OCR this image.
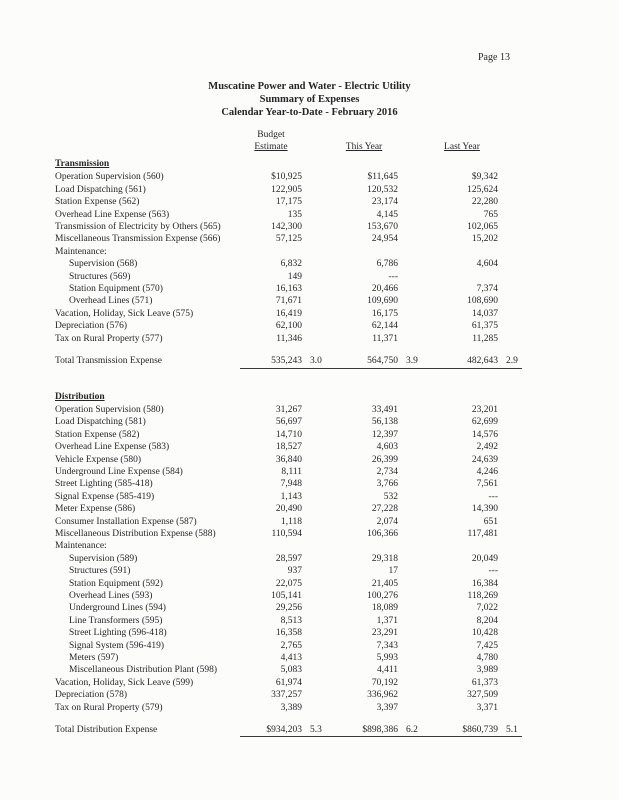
Page 13
Muscatine Power and Water - Electric Utility
Summary of Expenses
Calendar Year-to-Date - February 2016
Budget
Estimate	This Year	Last Year
Transmission
Operation Supervision (560)	$10,925	$11,645	$9,342
Load Dispatching (561)	122,905	120,532	125,624
Station Expense (562)	17,175	23,174	22,280
Overhead Line Expense (563)	135	4,145	765
Transmission of Electricity by Others (565)	142,300	153,670	102,065
Miscellaneous Transmission Expense (566)	57,125	24,954	15,202
Maintenance:
Supervision (568)	6,832	6,786	4,604
Structures (569)	149	---
Station Equipment (570)	16,163	20,466	7,374
Overhead Lines (571)	71,671	109,690	108,690
Vacation, Holiday, Sick Leave (575)	16,419	16,175	14,037
Depreciation (576)	62,100	62,144	61,375
Tax on Rural Property (577)	11,346	11,371	11,285
Total Transmission Expense	535,243 3.0	564,750 3.9	482,643 2.9
Distribution
Operation Supervision (580)	31,267	33,491	23,201
Load Dispatching (581)	56,697	56,138	62,699
Station Expense (582)	14,710	12,397	14,576
Overhead Line Expense (583)	18,527	4,603	2,492
Vehicle Expense (580)	36,840	26,399	24,639
Underground Line Expense (584)	8,111	2,734	4,246
Street Lighting (585-418)	7,948	3,766	7,561
Signal Expense (585-419)	1,143	532	---
Meter Expense (586)	20,490	27,228	14,390
Consumer Installation Expense (587)	1,118	2,074	651
Miscellaneous Distribution Expense (588)	110,594	106,366	117,481
Maintenance:
Supervision (589)	28,597	29,318	20,049
Structures (591)	937	17	---
Station Equipment (592)	22,075	21,405	16,384
Overhead Lines (593)	105,141	100,276	118,269
Underground Lines (594)	29,256	18,089	7,022
Line Transformers (595)	8,513	1,371	8,204
Street Lighting (596-418)	16,358	23,291	10,428
Signal System (596-419)	2,765	7,343	7,425
Meters (597)	4,413	5,993	4,780
Miscellaneous Distribution Plant (598)	5,083	4,411	3,989
Vacation, Holiday, Sick Leave (599)	61,974	70,192	61,373
Depreciation (578)	337,257	336,962	327,509
Tax on Rural Property (579)	3,389	3,397	3,371
Total Distribution Expense	$934,203 5.3	$898,386 6.2	$860,739 5.1
